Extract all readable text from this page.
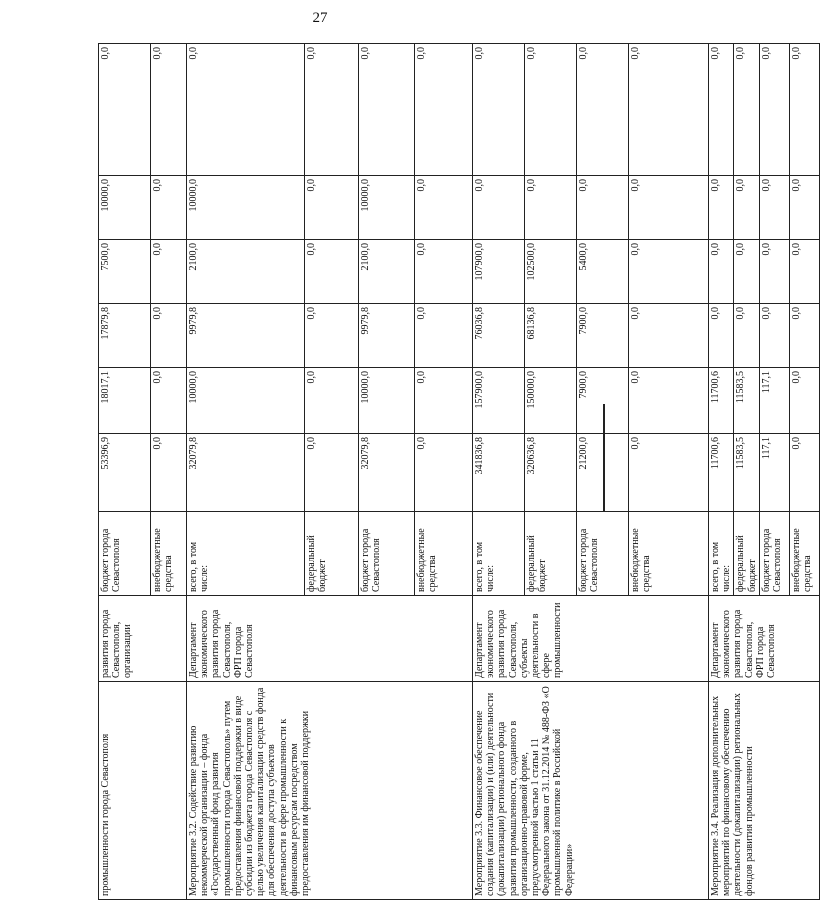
27
промышленности города Севастополя	развития города Севастополя, организации	бюджет города Севастополя	53396,9	18017,1	17879,8	7500,0	10000,0	0,0
		внебюджетные средства	0,0	0,0	0,0	0,0	0,0	0,0
Мероприятие 3.2. Содействие развитию некоммерческой организации – фонда «Государственный фонд развития промышленности города Севастополь» путем предоставления финансовой поддержки в виде субсидии из бюджета города Севастополя с целью увеличения капитализации средств фонда для обеспечения доступа субъектов деятельности в сфере промышленности к финансовым ресурсам посредством предоставления им финансовой поддержки	Департамент экономического развития города Севастополя, ФРП города Севастополя	всего, в том числе:	32079,8	10000,0	9979,8	2100,0	10000,0	0,0
		федеральный бюджет	0,0	0,0	0,0	0,0	0,0	0,0
		бюджет города Севастополя	32079,8	10000,0	9979,8	2100,0	10000,0	0,0
		внебюджетные средства	0,0	0,0	0,0	0,0	0,0	0,0
Мероприятие 3.3. Финансовое обеспечение создания (капитализации) и (или) деятельности (докапитализации) регионального фонда развития промышленности, созданного в организационно-правовой форме, предусмотренной частью 1 статьи 11 Федерального закона от 31.12.2014 № 488-ФЗ «О промышленной политике в Российской Федерации»	Департамент экономического развития города Севастополя, субъекты деятельности в сфере промышленности	всего, в том числе:	341836,8	157900,0	76036,8	107900,0	0,0	0,0
		федеральный бюджет	320636,8	150000,0	68136,8	102500,0	0,0	0,0
		бюджет города Севастополя	21200,0	7900,0	7900,0	5400,0	0,0	0,0
		внебюджетные средства	0,0	0,0	0,0	0,0	0,0	0,0
Мероприятие 3.4. Реализация дополнительных мероприятий по финансовому обеспечению деятельности (докапитализации) региональных фондов развития промышленности	Департамент экономического развития города Севастополя, ФРП города Севастополя	всего, в том числе:	11700,6	11700,6	0,0	0,0	0,0	0,0
		федеральный бюджет	11583,5	11583,5	0,0	0,0	0,0	0,0
		бюджет города Севастополя	117,1	117,1	0,0	0,0	0,0	0,0
		внебюджетные средства	0,0	0,0	0,0	0,0	0,0	0,0
